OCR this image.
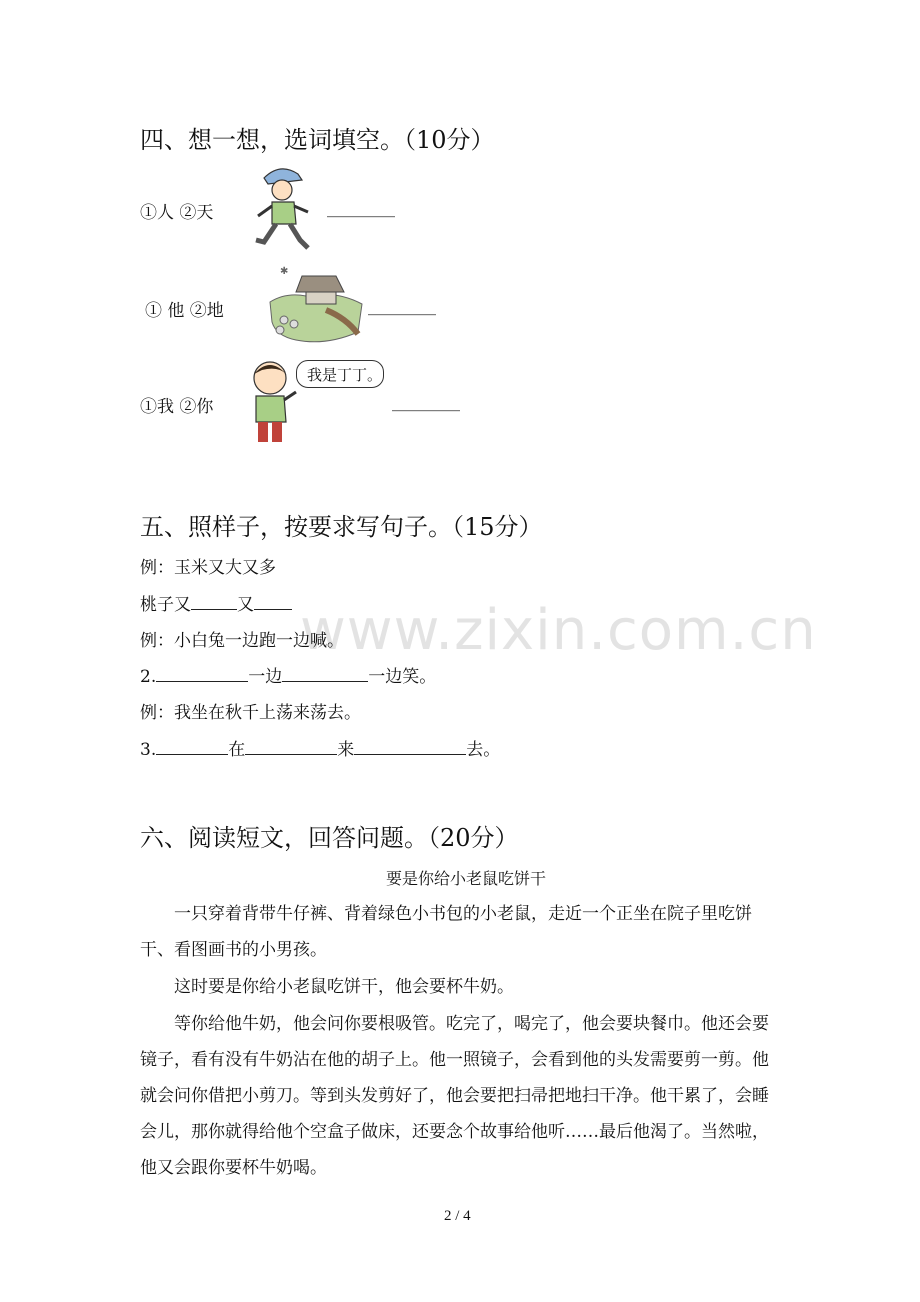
www.zixin.com.cn
四、想一想，选词填空。（10分）
①人 ②天	________
① 他 ②地
✱
________
①我 ②你
我是丁丁。
________
五、照样子，按要求写句子。（15分）
例：玉米又大又多
桃子又	又
例：小白兔一边跑一边喊。
2.	一边	一边笑。
例：我坐在秋千上荡来荡去。
3.	在	来	去。
六、阅读短文，回答问题。（20分）
要是你给小老鼠吃饼干
一只穿着背带牛仔裤、背着绿色小书包的小老鼠，走近一个正坐在院子里吃饼干、看图画书的小男孩。
这时要是你给小老鼠吃饼干，他会要杯牛奶。
等你给他牛奶，他会问你要根吸管。吃完了，喝完了，他会要块餐巾。他还会要镜子，看有没有牛奶沾在他的胡子上。他一照镜子，会看到他的头发需要剪一剪。他就会问你借把小剪刀。等到头发剪好了，他会要把扫帚把地扫干净。他干累了，会睡会儿，那你就得给他个空盒子做床，还要念个故事给他听……最后他渴了。当然啦，他又会跟你要杯牛奶喝。
2 / 4
